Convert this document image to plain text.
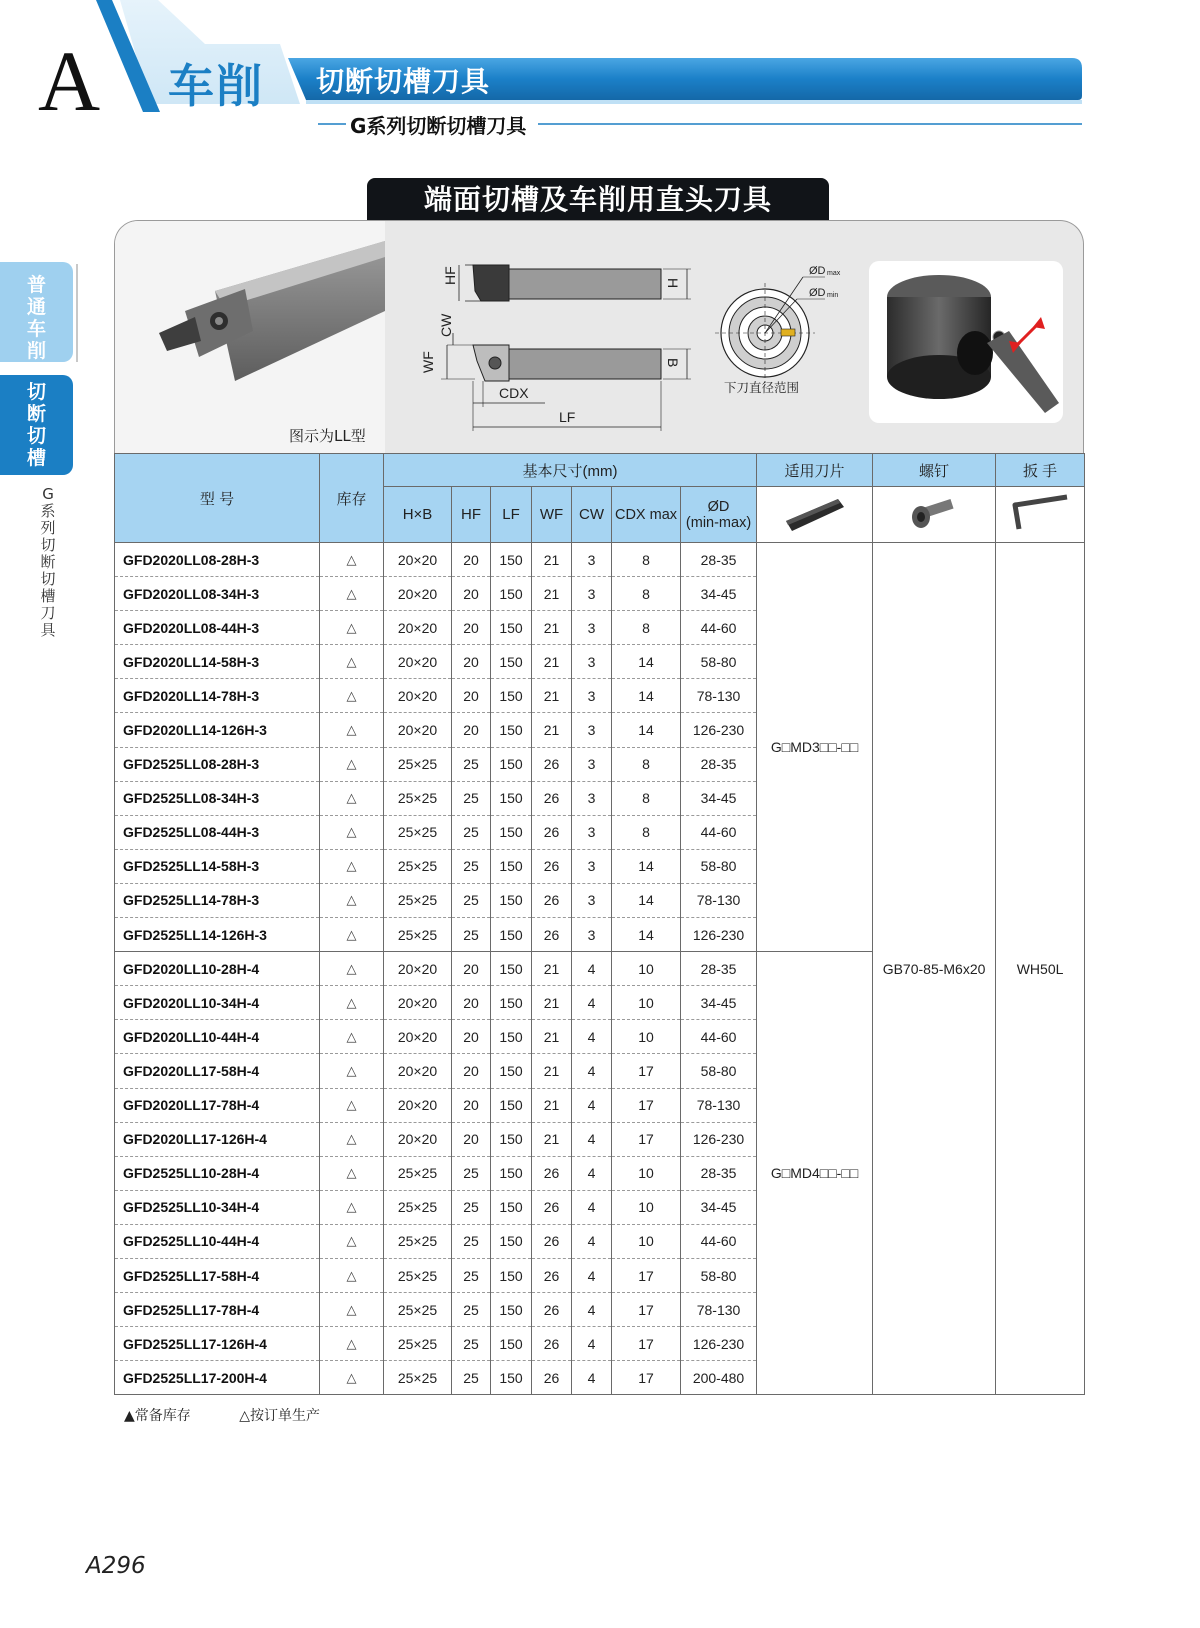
A 车削 切断切槽刀具
G系列切断切槽刀具
普
通
车
削
切
断
切
槽
G
系
列
切
断
切
槽
刀
具
端面切槽及车削用直头刀具
图示为LL型
HF	H
CW
WF	B
CDX
LF
ØD max
ØD min
下刀直径范围
型 号	库存	基本尺寸(mm)							适用刀片	螺钉	扳 手
		H×B	HF	LF	WF	CW	CDX max	ØD
(min-max)

GFD2020LL08-28H-3	△	20×20	20	150	21	3	8	28-35	G□MD3□□-□□	GB70-85-M6x20	WH50L
GFD2020LL08-34H-3	△	20×20	20	150	21	3	8	34-45			
GFD2020LL08-44H-3	△	20×20	20	150	21	3	8	44-60			
GFD2020LL14-58H-3	△	20×20	20	150	21	3	14	58-80			
GFD2020LL14-78H-3	△	20×20	20	150	21	3	14	78-130			
GFD2020LL14-126H-3	△	20×20	20	150	21	3	14	126-230			
GFD2525LL08-28H-3	△	25×25	25	150	26	3	8	28-35			
GFD2525LL08-34H-3	△	25×25	25	150	26	3	8	34-45			
GFD2525LL08-44H-3	△	25×25	25	150	26	3	8	44-60			
GFD2525LL14-58H-3	△	25×25	25	150	26	3	14	58-80			
GFD2525LL14-78H-3	△	25×25	25	150	26	3	14	78-130			
GFD2525LL14-126H-3	△	25×25	25	150	26	3	14	126-230			
GFD2020LL10-28H-4	△	20×20	20	150	21	4	10	28-35	G□MD4□□-□□		
GFD2020LL10-34H-4	△	20×20	20	150	21	4	10	34-45			
GFD2020LL10-44H-4	△	20×20	20	150	21	4	10	44-60			
GFD2020LL17-58H-4	△	20×20	20	150	21	4	17	58-80			
GFD2020LL17-78H-4	△	20×20	20	150	21	4	17	78-130			
GFD2020LL17-126H-4	△	20×20	20	150	21	4	17	126-230			
GFD2525LL10-28H-4	△	25×25	25	150	26	4	10	28-35			
GFD2525LL10-34H-4	△	25×25	25	150	26	4	10	34-45			
GFD2525LL10-44H-4	△	25×25	25	150	26	4	10	44-60			
GFD2525LL17-58H-4	△	25×25	25	150	26	4	17	58-80			
GFD2525LL17-78H-4	△	25×25	25	150	26	4	17	78-130			
GFD2525LL17-126H-4	△	25×25	25	150	26	4	17	126-230			
GFD2525LL17-200H-4	△	25×25	25	150	26	4	17	200-480			
▲常备库存	△按订单生产
A296
